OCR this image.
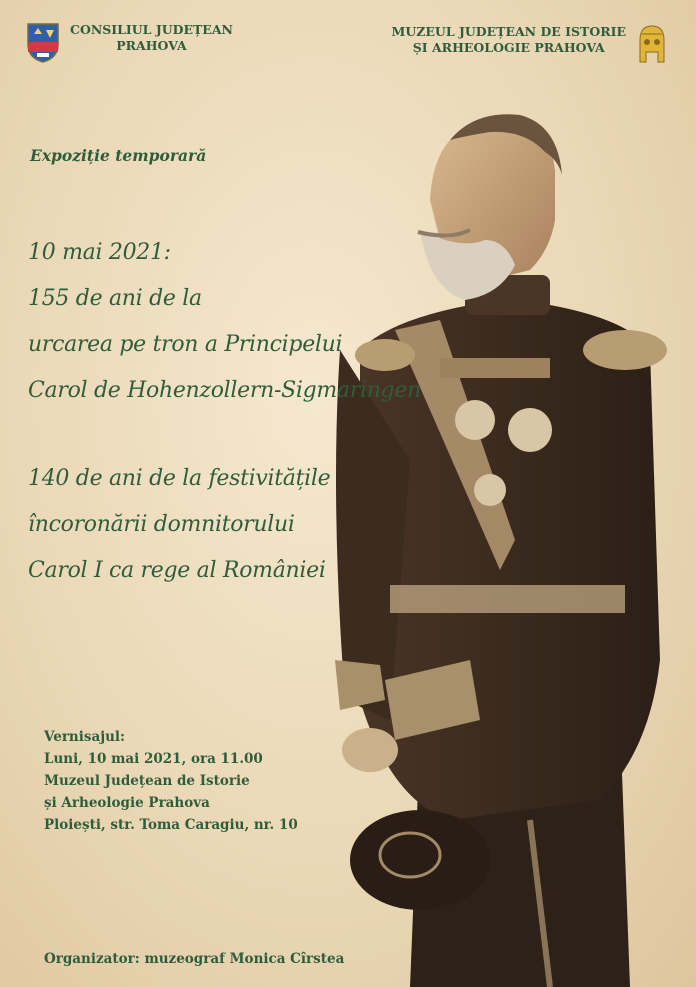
CONSILIUL JUDEȚEAN
PRAHOVA
MUZEUL JUDEȚEAN DE ISTORIE
ȘI ARHEOLOGIE PRAHOVA
Expoziție temporară
10 mai 2021:
155 de ani de la
urcarea pe tron a Principelui
Carol de Hohenzollern-Sigmaringen
140 de ani de la festivitățile
încoronării domnitorului
Carol I ca rege al României
Vernisajul:
Luni, 10 mai 2021, ora 11.00
Muzeul Județean de Istorie
și Arheologie Prahova
Ploiești, str. Toma Caragiu, nr. 10
Organizator: muzeograf Monica Cîrstea
